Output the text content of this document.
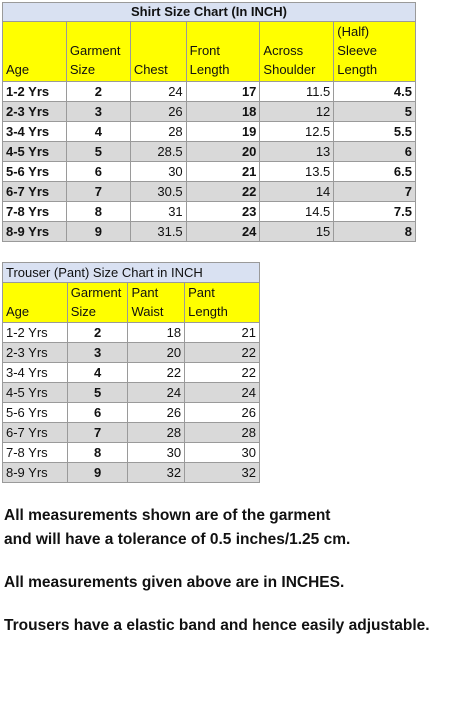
Shirt Size Chart (In INCH)					
Age	Garment Size	Chest	Front Length	Across Shoulder	(Half) Sleeve Length
1-2 Yrs	2	24	17	11.5	4.5
2-3 Yrs	3	26	18	12	5
3-4 Yrs	4	28	19	12.5	5.5
4-5 Yrs	5	28.5	20	13	6
5-6 Yrs	6	30	21	13.5	6.5
6-7 Yrs	7	30.5	22	14	7
7-8 Yrs	8	31	23	14.5	7.5
8-9 Yrs	9	31.5	24	15	8
Trouser (Pant) Size Chart in INCH			
Age	Garment Size	Pant Waist	Pant Length
1-2 Yrs	2	18	21
2-3 Yrs	3	20	22
3-4 Yrs	4	22	22
4-5 Yrs	5	24	24
5-6 Yrs	6	26	26
6-7 Yrs	7	28	28
7-8 Yrs	8	30	30
8-9 Yrs	9	32	32

All measurements shown are of the garment

and will have a tolerance of 0.5 inches/1.25 cm.

All measurements given above are in INCHES.

Trousers have a elastic band and hence easily adjustable.
